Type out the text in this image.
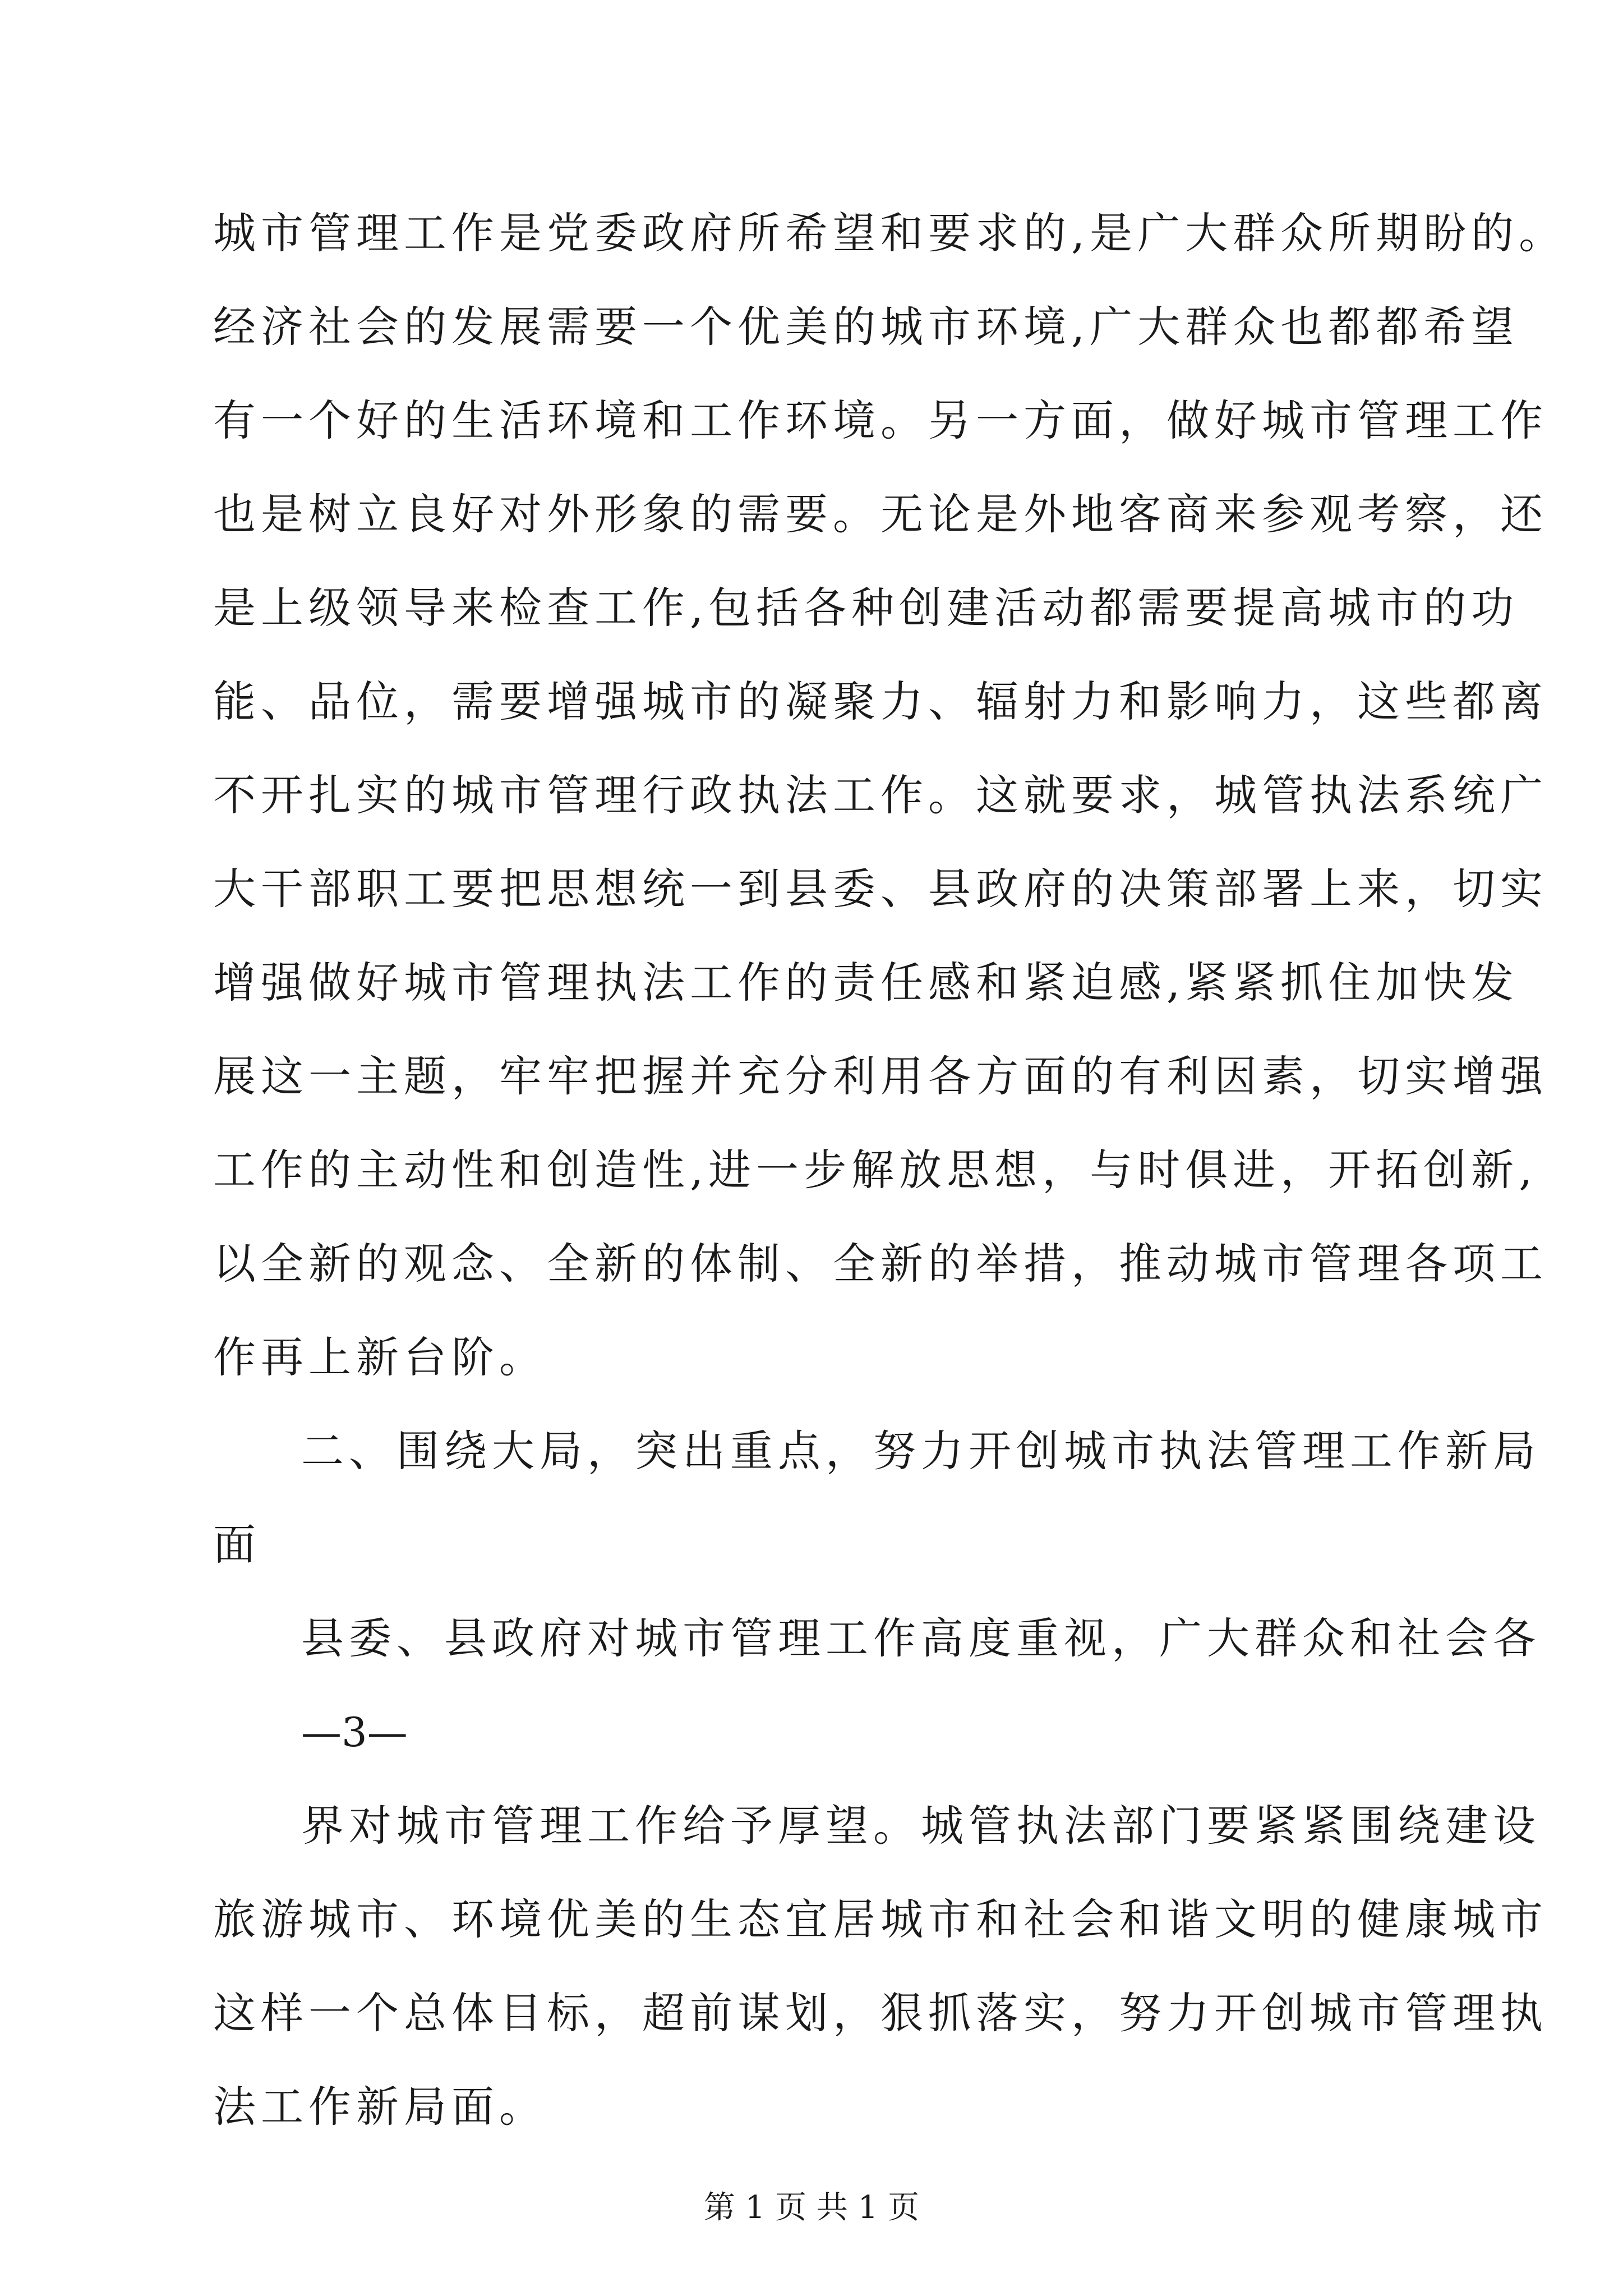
城市管理工作是党委政府所希望和要求的,是广大群众所期盼的。
经济社会的发展需要一个优美的城市环境,广大群众也都都希望
有一个好的生活环境和工作环境。另一方面，做好城市管理工作
也是树立良好对外形象的需要。无论是外地客商来参观考察，还
是上级领导来检查工作,包括各种创建活动都需要提高城市的功
能、品位，需要增强城市的凝聚力、辐射力和影响力，这些都离
不开扎实的城市管理行政执法工作。这就要求，城管执法系统广
大干部职工要把思想统一到县委、县政府的决策部署上来，切实
增强做好城市管理执法工作的责任感和紧迫感,紧紧抓住加快发
展这一主题，牢牢把握并充分利用各方面的有利因素，切实增强
工作的主动性和创造性,进一步解放思想，与时俱进，开拓创新,
以全新的观念、全新的体制、全新的举措，推动城市管理各项工
作再上新台阶。
二、围绕大局，突出重点，努力开创城市执法管理工作新局
面
县委、县政府对城市管理工作高度重视，广大群众和社会各
—3—
界对城市管理工作给予厚望。城管执法部门要紧紧围绕建设
旅游城市、环境优美的生态宜居城市和社会和谐文明的健康城市
这样一个总体目标，超前谋划，狠抓落实，努力开创城市管理执
法工作新局面。
第 1 页 共 1 页
